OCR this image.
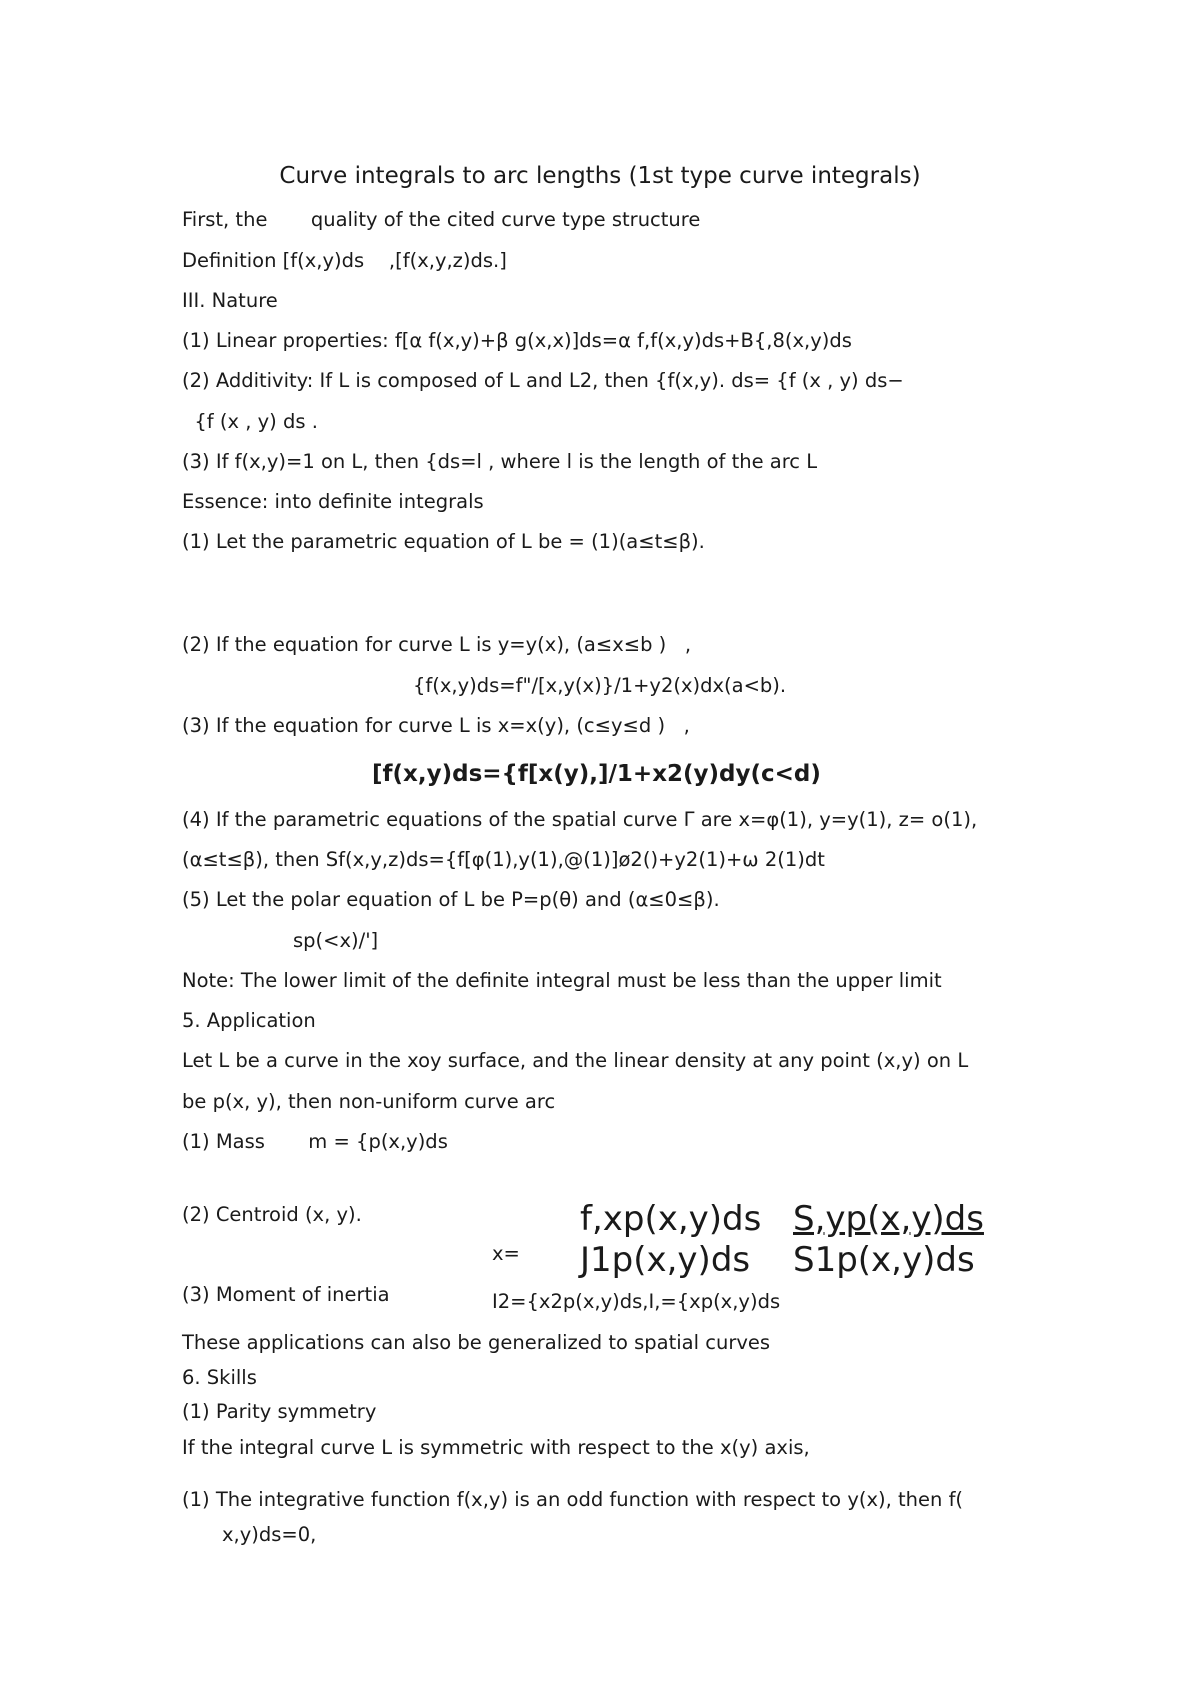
Curve integrals to arc lengths (1st type curve integrals)
First, the       quality of the cited curve type structure
Definition [f(x,y)ds    ,[f(x,y,z)ds.]
III. Nature
(1) Linear properties: f[α f(x,y)+β g(x,x)]ds=α f,f(x,y)ds+B{,8(x,y)ds
(2) Additivity: If L is composed of L and L2, then {f(x,y). ds= {f (x , y) ds−
{f (x , y) ds .
(3) If f(x,y)=1 on L, then {ds=l , where l is the length of the arc L
Essence: into definite integrals
(1) Let the parametric equation of L be = (1)(a≤t≤β).
(2) If the equation for curve L is y=y(x), (a≤x≤b )   ,
{f(x,y)ds=f"/[x,y(x)}/1+y2(x)dx(a<b).
(3) If the equation for curve L is x=x(y), (c≤y≤d )   ,
[f(x,y)ds={f[x(y),]/1+x2(y)dy(c<d)
(4) If the parametric equations of the spatial curve Γ are x=φ(1), y=y(1), z= o(1),
(α≤t≤β), then Sf(x,y,z)ds={f[φ(1),y(1),@(1)]ø2()+y2(1)+ω 2(1)dt
(5) Let the polar equation of L be P=p(θ) and (α≤0≤β).
sp(<x)/']
Note: The lower limit of the definite integral must be less than the upper limit
5. Application
Let L be a curve in the xoy surface, and the linear density at any point (x,y) on L
be p(x, y), then non-uniform curve arc
(1) Mass       m = {p(x,y)ds
(2) Centroid (x, y).
x=
f,xp(x,y)ds S,yp(x,y)ds
J1p(x,y)ds S1p(x,y)ds
(3) Moment of inertia	I2={x2p(x,y)ds,I,={xp(x,y)ds
These applications can also be generalized to spatial curves
6. Skills
(1) Parity symmetry
If the integral curve L is symmetric with respect to the x(y) axis,
(1) The integrative function f(x,y) is an odd function with respect to y(x), then f(
x,y)ds=0,
